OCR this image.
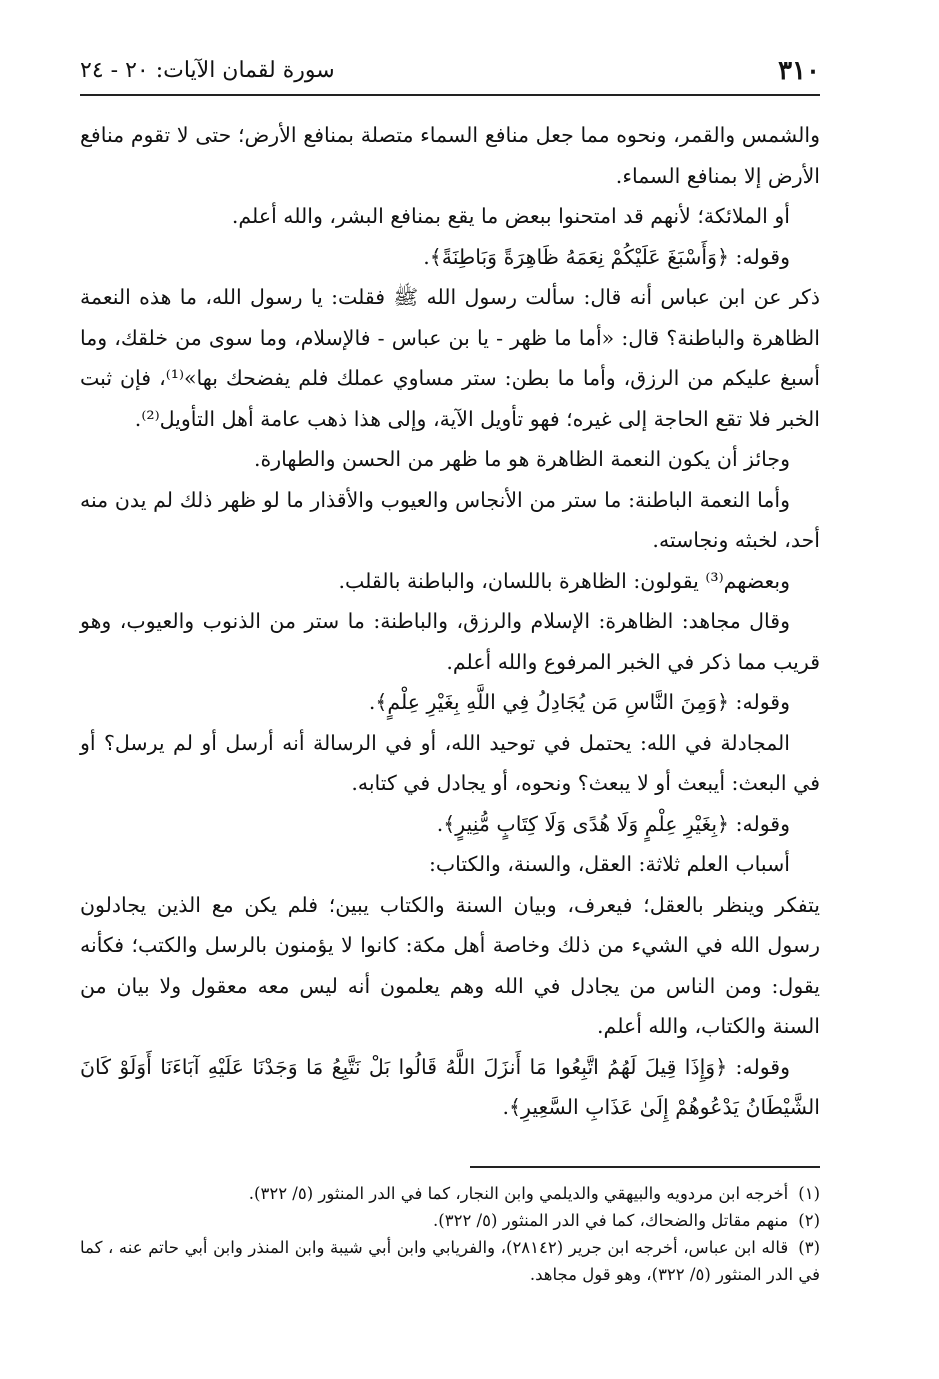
٣١٠
سورة لقمان الآيات: ٢٠ - ٢٤

والشمس والقمر، ونحوه مما جعل منافع السماء متصلة بمنافع الأرض؛ حتى لا تقوم منافع الأرض إلا بمنافع السماء.

أو الملائكة؛ لأنهم قد امتحنوا ببعض ما يقع بمنافع البشر، والله أعلم.

وقوله: ﴿وَأَسْبَغَ عَلَيْكُمْ نِعَمَهُ ظَاهِرَةً وَبَاطِنَةً﴾.

ذكر عن ابن عباس أنه قال: سألت رسول الله ﷺ فقلت: يا رسول الله، ما هذه النعمة الظاهرة والباطنة؟ قال: «أما ما ظهر - يا بن عباس - فالإسلام، وما سوى من خلقك، وما أسبغ عليكم من الرزق، وأما ما بطن: ستر مساوي عملك فلم يفضحك بها»⁽¹⁾، فإن ثبت الخبر فلا تقع الحاجة إلى غيره؛ فهو تأويل الآية، وإلى هذا ذهب عامة أهل التأويل⁽²⁾.

وجائز أن يكون النعمة الظاهرة هو ما ظهر من الحسن والطهارة.

وأما النعمة الباطنة: ما ستر من الأنجاس والعيوب والأقذار ما لو ظهر ذلك لم يدن منه أحد، لخبثه ونجاسته.

وبعضهم⁽³⁾ يقولون: الظاهرة باللسان، والباطنة بالقلب.

وقال مجاهد: الظاهرة: الإسلام والرزق، والباطنة: ما ستر من الذنوب والعيوب، وهو قريب مما ذكر في الخبر المرفوع والله أعلم.

وقوله: ﴿وَمِنَ النَّاسِ مَن يُجَادِلُ فِي اللَّهِ بِغَيْرِ عِلْمٍ﴾.

المجادلة في الله: يحتمل في توحيد الله، أو في الرسالة أنه أرسل أو لم يرسل؟ أو في البعث: أيبعث أو لا يبعث؟ ونحوه، أو يجادل في كتابه.

وقوله: ﴿بِغَيْرِ عِلْمٍ وَلَا هُدًى وَلَا كِتَابٍ مُّنِيرٍ﴾.

أسباب العلم ثلاثة: العقل، والسنة، والكتاب:

يتفكر وينظر بالعقل؛ فيعرف، وبيان السنة والكتاب يبين؛ فلم يكن مع الذين يجادلون رسول الله في الشيء من ذلك وخاصة أهل مكة: كانوا لا يؤمنون بالرسل والكتب؛ فكأنه يقول: ومن الناس من يجادل في الله وهم يعلمون أنه ليس معه معقول ولا بيان من السنة والكتاب، والله أعلم.

وقوله: ﴿وَإِذَا قِيلَ لَهُمُ اتَّبِعُوا مَا أَنزَلَ اللَّهُ قَالُوا بَلْ نَتَّبِعُ مَا وَجَدْنَا عَلَيْهِ آبَاءَنَا أَوَلَوْ كَانَ الشَّيْطَانُ يَدْعُوهُمْ إِلَىٰ عَذَابِ السَّعِيرِ﴾.

(١)أخرجه ابن مردويه والبيهقي والديلمي وابن النجار، كما في الدر المنثور (٥/ ٣٢٢).

(٢)منهم مقاتل والضحاك، كما في الدر المنثور (٥/ ٣٢٢).

(٣)قاله ابن عباس، أخرجه ابن جرير (٢٨١٤٢)، والفريابي وابن أبي شيبة وابن المنذر وابن أبي حاتم عنه ، كما في الدر المنثور (٥/ ٣٢٢)، وهو قول مجاهد.
